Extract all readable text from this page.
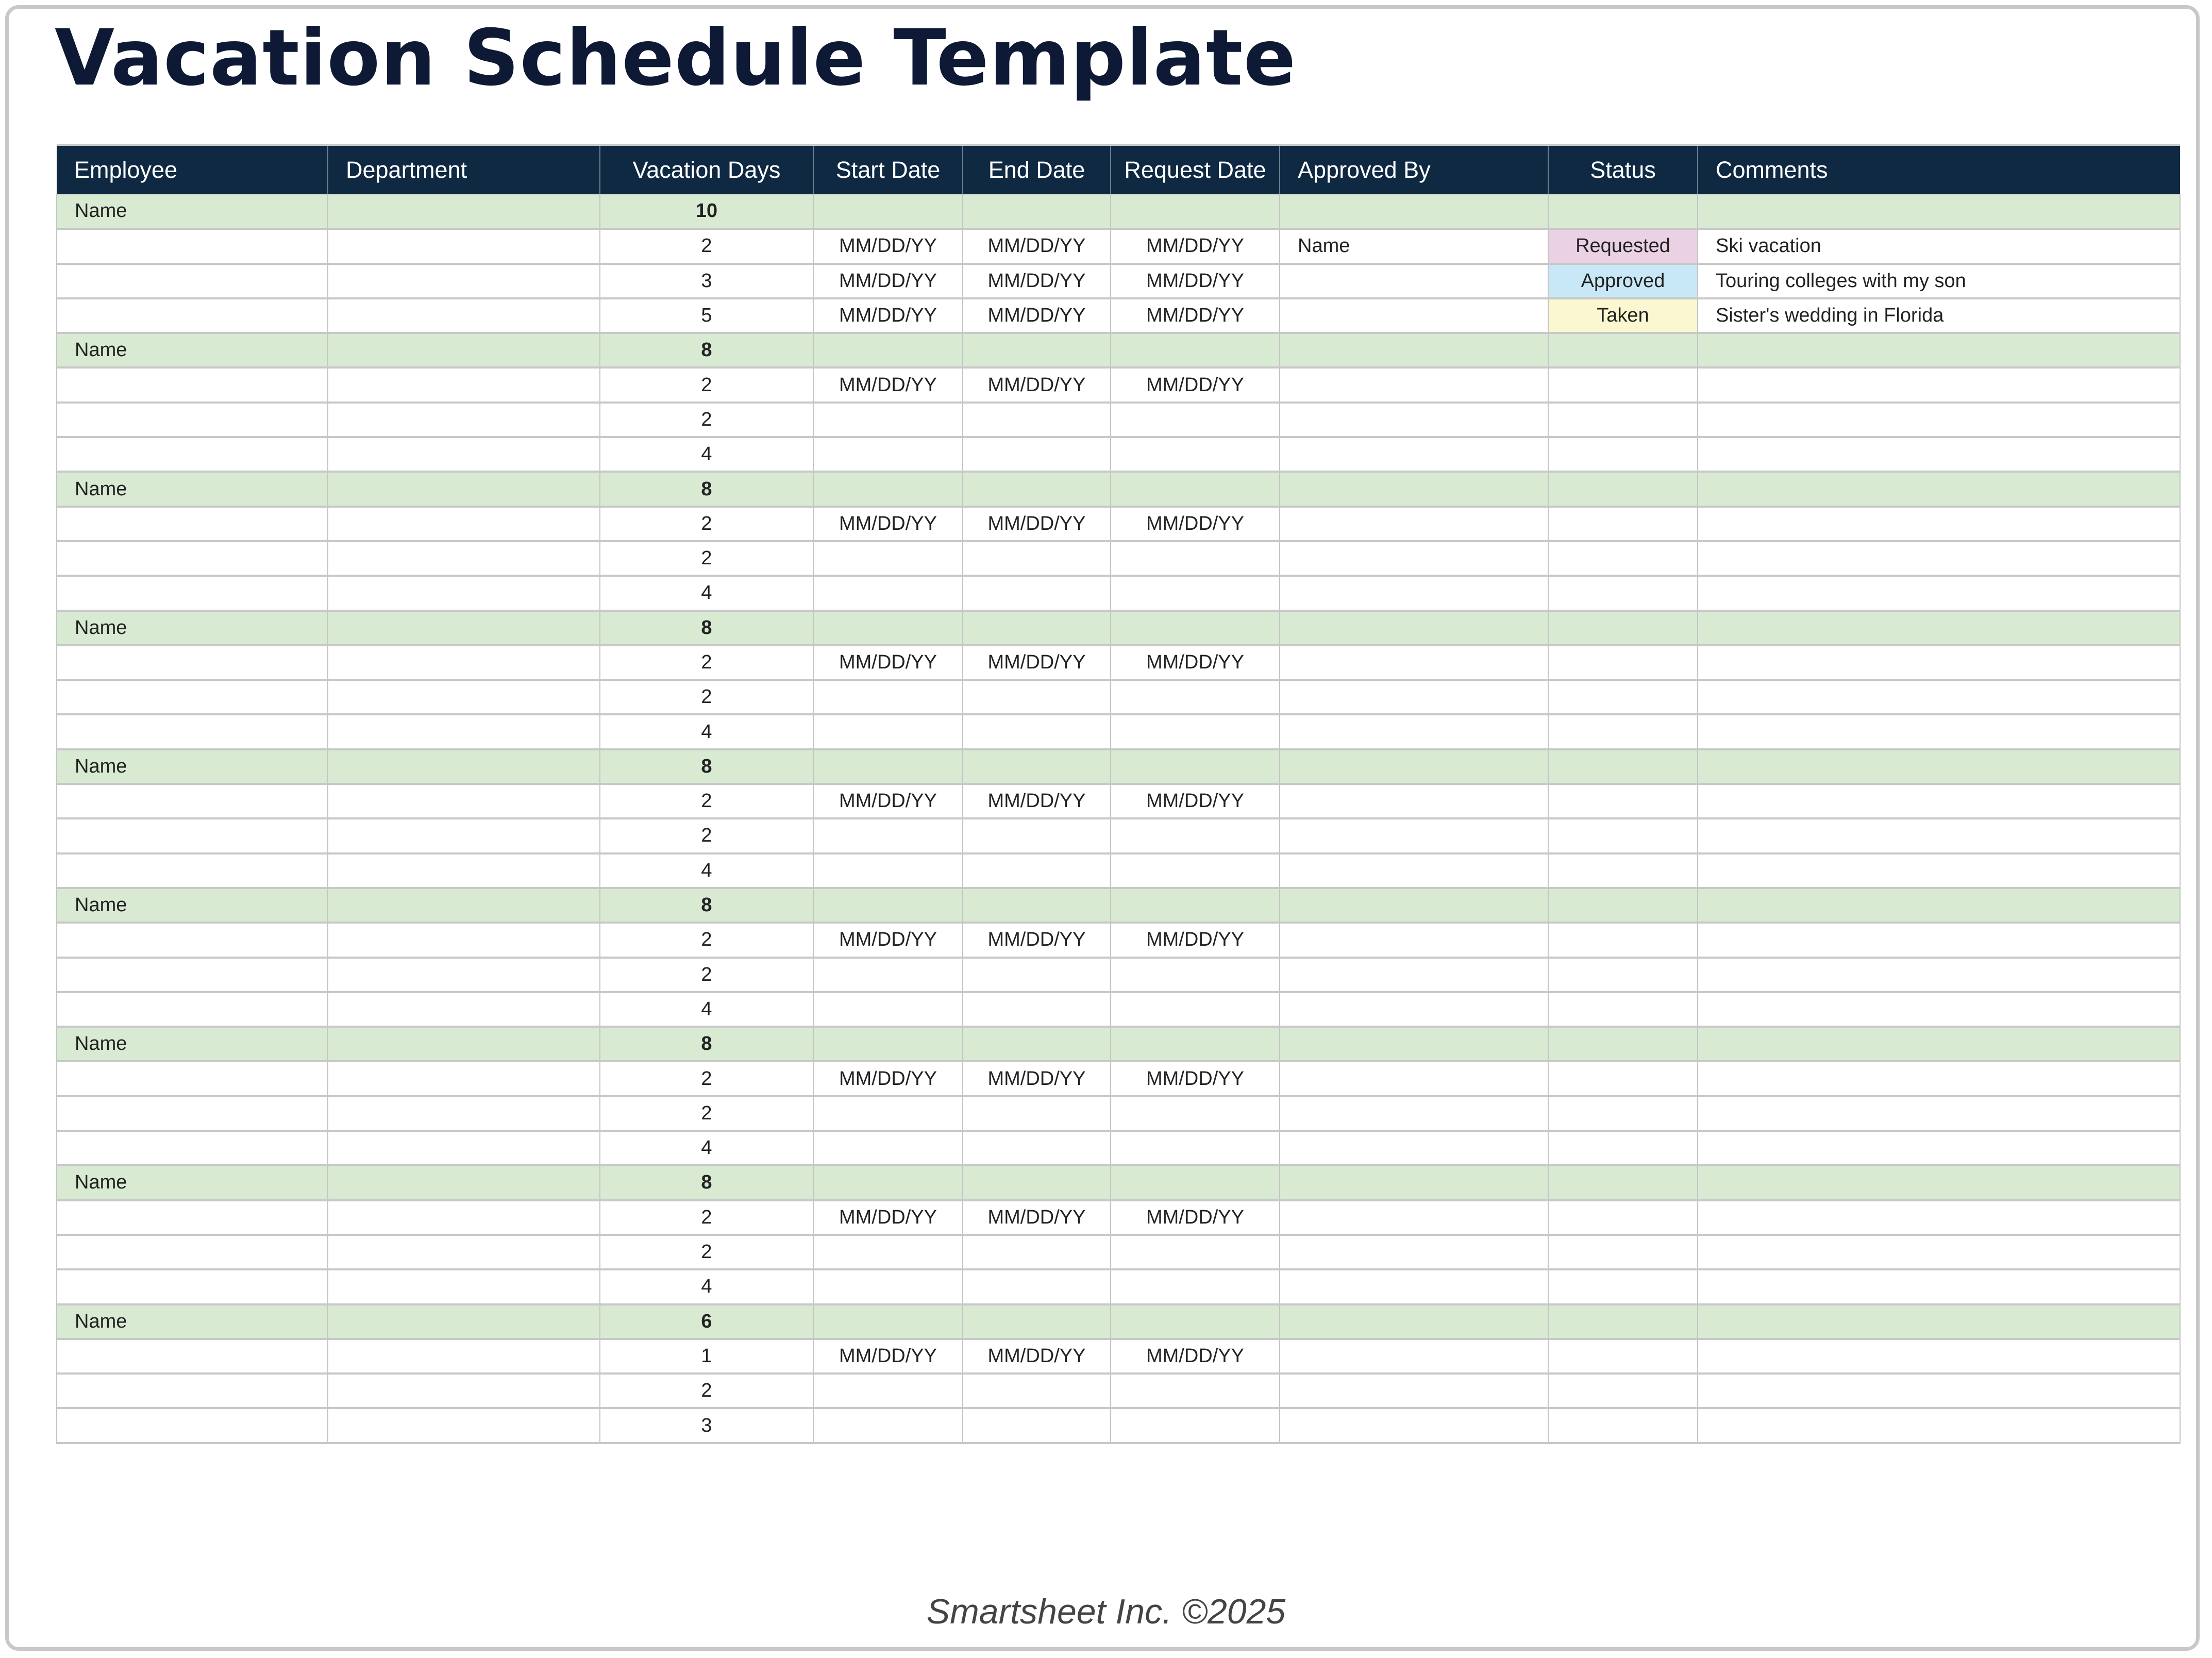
Vacation Schedule Template
Employee	Department	Vacation Days	Start Date	End Date	Request Date	Approved By	Status	Comments
Name		10						
		2	MM/DD/YY	MM/DD/YY	MM/DD/YY	Name	Requested	Ski vacation
		3	MM/DD/YY	MM/DD/YY	MM/DD/YY		Approved	Touring colleges with my son
		5	MM/DD/YY	MM/DD/YY	MM/DD/YY		Taken	Sister's wedding in Florida
Name		8						
		2	MM/DD/YY	MM/DD/YY	MM/DD/YY			
		2						
		4						
Name		8						
		2	MM/DD/YY	MM/DD/YY	MM/DD/YY			
		2						
		4						
Name		8						
		2	MM/DD/YY	MM/DD/YY	MM/DD/YY			
		2						
		4						
Name		8						
		2	MM/DD/YY	MM/DD/YY	MM/DD/YY			
		2						
		4						
Name		8						
		2	MM/DD/YY	MM/DD/YY	MM/DD/YY			
		2						
		4						
Name		8						
		2	MM/DD/YY	MM/DD/YY	MM/DD/YY			
		2						
		4						
Name		8						
		2	MM/DD/YY	MM/DD/YY	MM/DD/YY			
		2						
		4						
Name		6						
		1	MM/DD/YY	MM/DD/YY	MM/DD/YY			
		2						
		3						
Smartsheet Inc. ©2025
